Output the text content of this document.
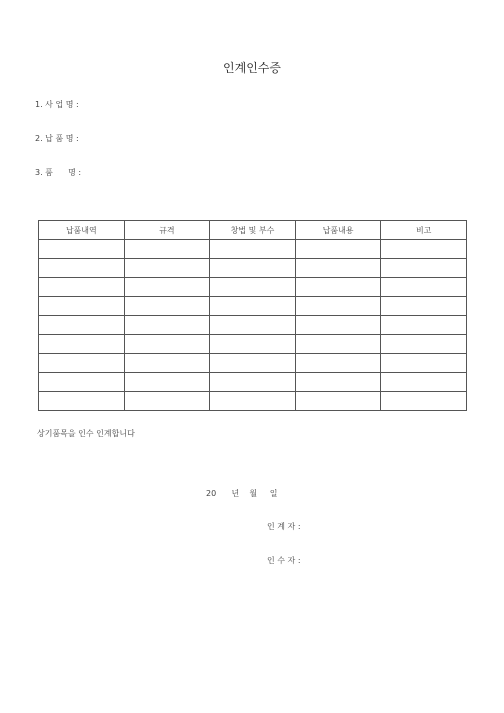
인계인수증
1. 사 업 명 :
2. 납 품 명 :
3. 품      명 :
납품내역	규격	창법 및 부수	납품내용	비고

상기품목을 인수 인계합니다
20      년    월     일
인 계 자 :
인 수 자 :
